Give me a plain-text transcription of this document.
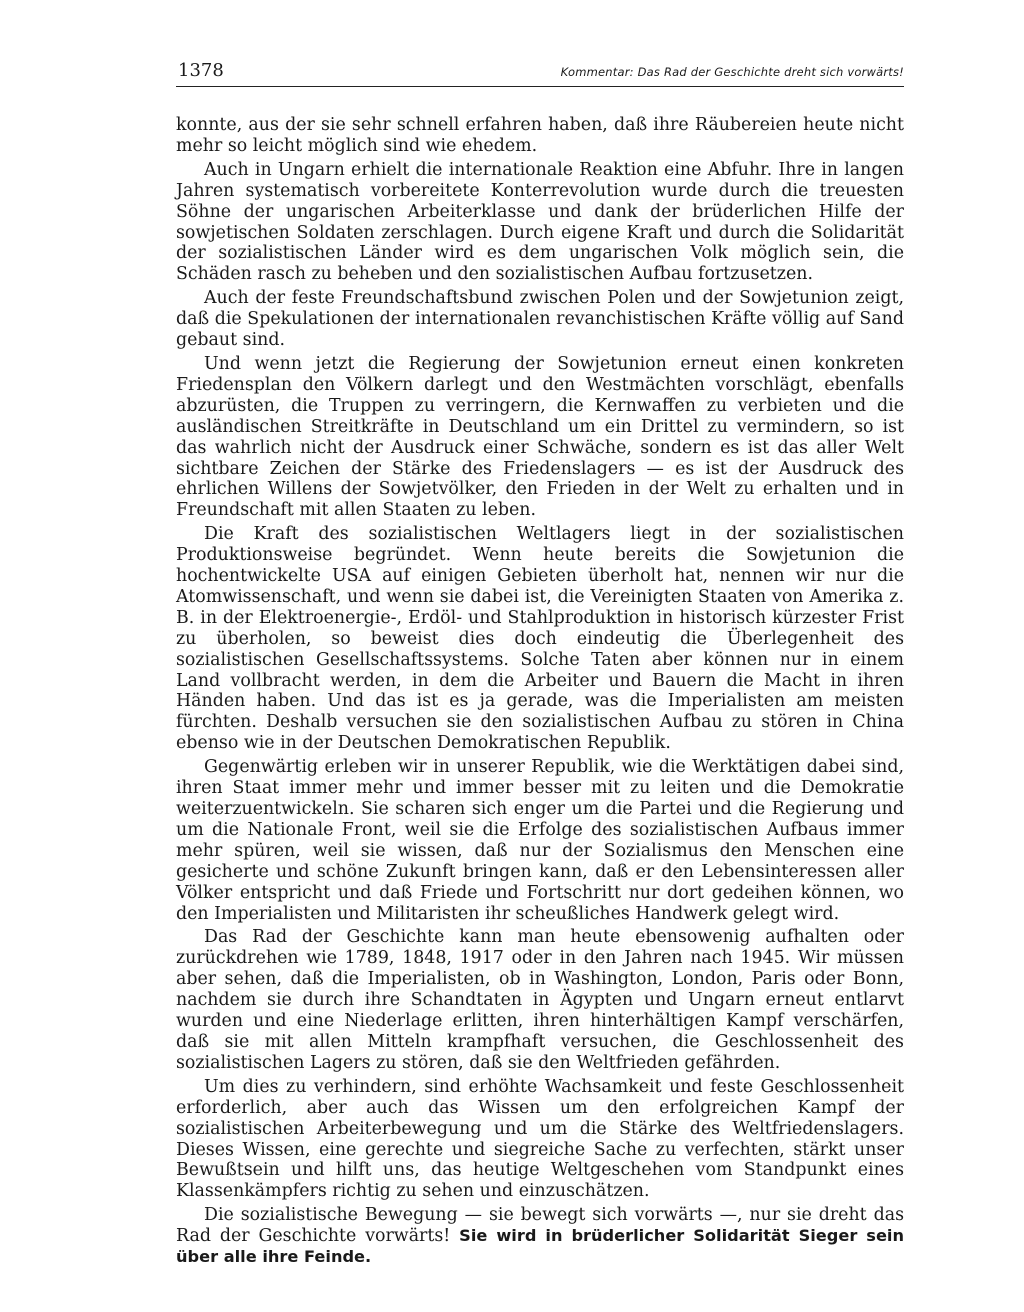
1378	Kommentar: Das Rad der Geschichte dreht sich vorwärts!

konnte, aus der sie sehr schnell erfahren haben, daß ihre Räubereien heute nicht mehr so leicht möglich sind wie ehedem.

Auch in Ungarn erhielt die internationale Reaktion eine Abfuhr. Ihre in langen Jahren systematisch vorbereitete Konterrevolution wurde durch die treuesten Söhne der ungarischen Arbeiterklasse und dank der brüderlichen Hilfe der sowjetischen Soldaten zerschlagen. Durch eigene Kraft und durch die Solidarität der sozialistischen Länder wird es dem ungarischen Volk möglich sein, die Schäden rasch zu beheben und den sozialistischen Aufbau fortzusetzen.

Auch der feste Freundschaftsbund zwischen Polen und der Sowjetunion zeigt, daß die Spekulationen der internationalen revanchistischen Kräfte völlig auf Sand gebaut sind.

Und wenn jetzt die Regierung der Sowjetunion erneut einen konkreten Friedensplan den Völkern darlegt und den Westmächten vorschlägt, ebenfalls abzurüsten, die Truppen zu verringern, die Kernwaffen zu verbieten und die ausländischen Streitkräfte in Deutschland um ein Drittel zu vermindern, so ist das wahrlich nicht der Ausdruck einer Schwäche, sondern es ist das aller Welt sichtbare Zeichen der Stärke des Friedenslagers — es ist der Ausdruck des ehrlichen Willens der Sowjetvölker, den Frieden in der Welt zu erhalten und in Freundschaft mit allen Staaten zu leben.

Die Kraft des sozialistischen Weltlagers liegt in der sozialistischen Produktionsweise begründet. Wenn heute bereits die Sowjetunion die hochentwickelte USA auf einigen Gebieten überholt hat, nennen wir nur die Atomwissenschaft, und wenn sie dabei ist, die Vereinigten Staaten von Amerika z. B. in der Elektroenergie-, Erdöl- und Stahlproduktion in historisch kürzester Frist zu überholen, so beweist dies doch eindeutig die Überlegenheit des sozialistischen Gesellschaftssystems. Solche Taten aber können nur in einem Land vollbracht werden, in dem die Arbeiter und Bauern die Macht in ihren Händen haben. Und das ist es ja gerade, was die Imperialisten am meisten fürchten. Deshalb versuchen sie den sozialistischen Aufbau zu stören in China ebenso wie in der Deutschen Demokratischen Republik.

Gegenwärtig erleben wir in unserer Republik, wie die Werktätigen dabei sind, ihren Staat immer mehr und immer besser mit zu leiten und die Demokratie weiterzuentwickeln. Sie scharen sich enger um die Partei und die Regierung und um die Nationale Front, weil sie die Erfolge des sozialistischen Aufbaus immer mehr spüren, weil sie wissen, daß nur der Sozialismus den Menschen eine gesicherte und schöne Zukunft bringen kann, daß er den Lebensinteressen aller Völker entspricht und daß Friede und Fortschritt nur dort gedeihen können, wo den Imperialisten und Militaristen ihr scheußliches Handwerk gelegt wird.

Das Rad der Geschichte kann man heute ebensowenig aufhalten oder zurückdrehen wie 1789, 1848, 1917 oder in den Jahren nach 1945. Wir müssen aber sehen, daß die Imperialisten, ob in Washington, London, Paris oder Bonn, nachdem sie durch ihre Schandtaten in Ägypten und Ungarn erneut entlarvt wurden und eine Niederlage erlitten, ihren hinterhältigen Kampf verschärfen, daß sie mit allen Mitteln krampfhaft versuchen, die Geschlossenheit des sozialistischen Lagers zu stören, daß sie den Weltfrieden gefährden.

Um dies zu verhindern, sind erhöhte Wachsamkeit und feste Geschlossenheit erforderlich, aber auch das Wissen um den erfolgreichen Kampf der sozialistischen Arbeiterbewegung und um die Stärke des Weltfriedenslagers. Dieses Wissen, eine gerechte und siegreiche Sache zu verfechten, stärkt unser Bewußtsein und hilft uns, das heutige Weltgeschehen vom Standpunkt eines Klassenkämpfers richtig zu sehen und einzuschätzen.

Die sozialistische Bewegung — sie bewegt sich vorwärts —, nur sie dreht das Rad der Geschichte vorwärts! Sie wird in brüderlicher Solidarität Sieger sein über alle ihre Feinde.
